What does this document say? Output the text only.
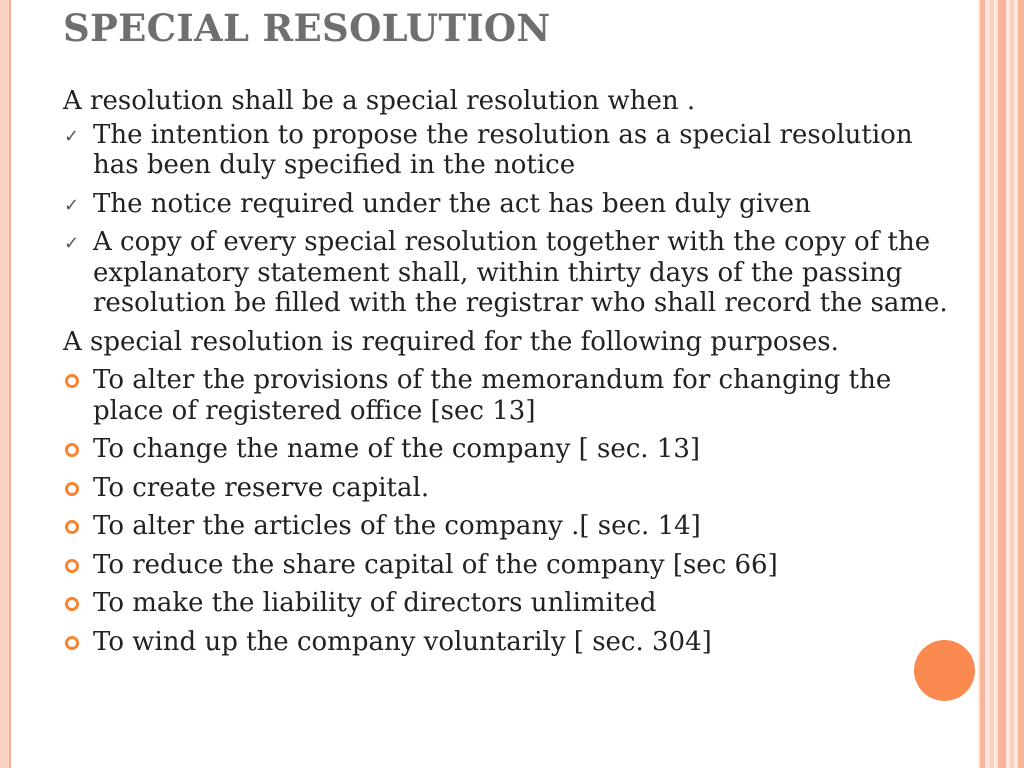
SPECIAL RESOLUTION

A resolution shall be a special resolution when .

✓ The intention to propose the resolution as a special resolution has been duly specified in the notice
✓ The notice required under the act has been duly given
✓ A copy of every special resolution together with the copy of the explanatory statement shall, within thirty days of the passing resolution be filled with the registrar who shall record the same.

A special resolution is required for the following purposes.

To alter the provisions of the memorandum for changing the place of registered office [sec 13]
To change the name of the company [ sec. 13]
To create reserve capital.
To alter the articles of the company .[ sec. 14]
To reduce the share capital of the company [sec 66]
To make the liability of directors unlimited
To wind up the company voluntarily [ sec. 304]
